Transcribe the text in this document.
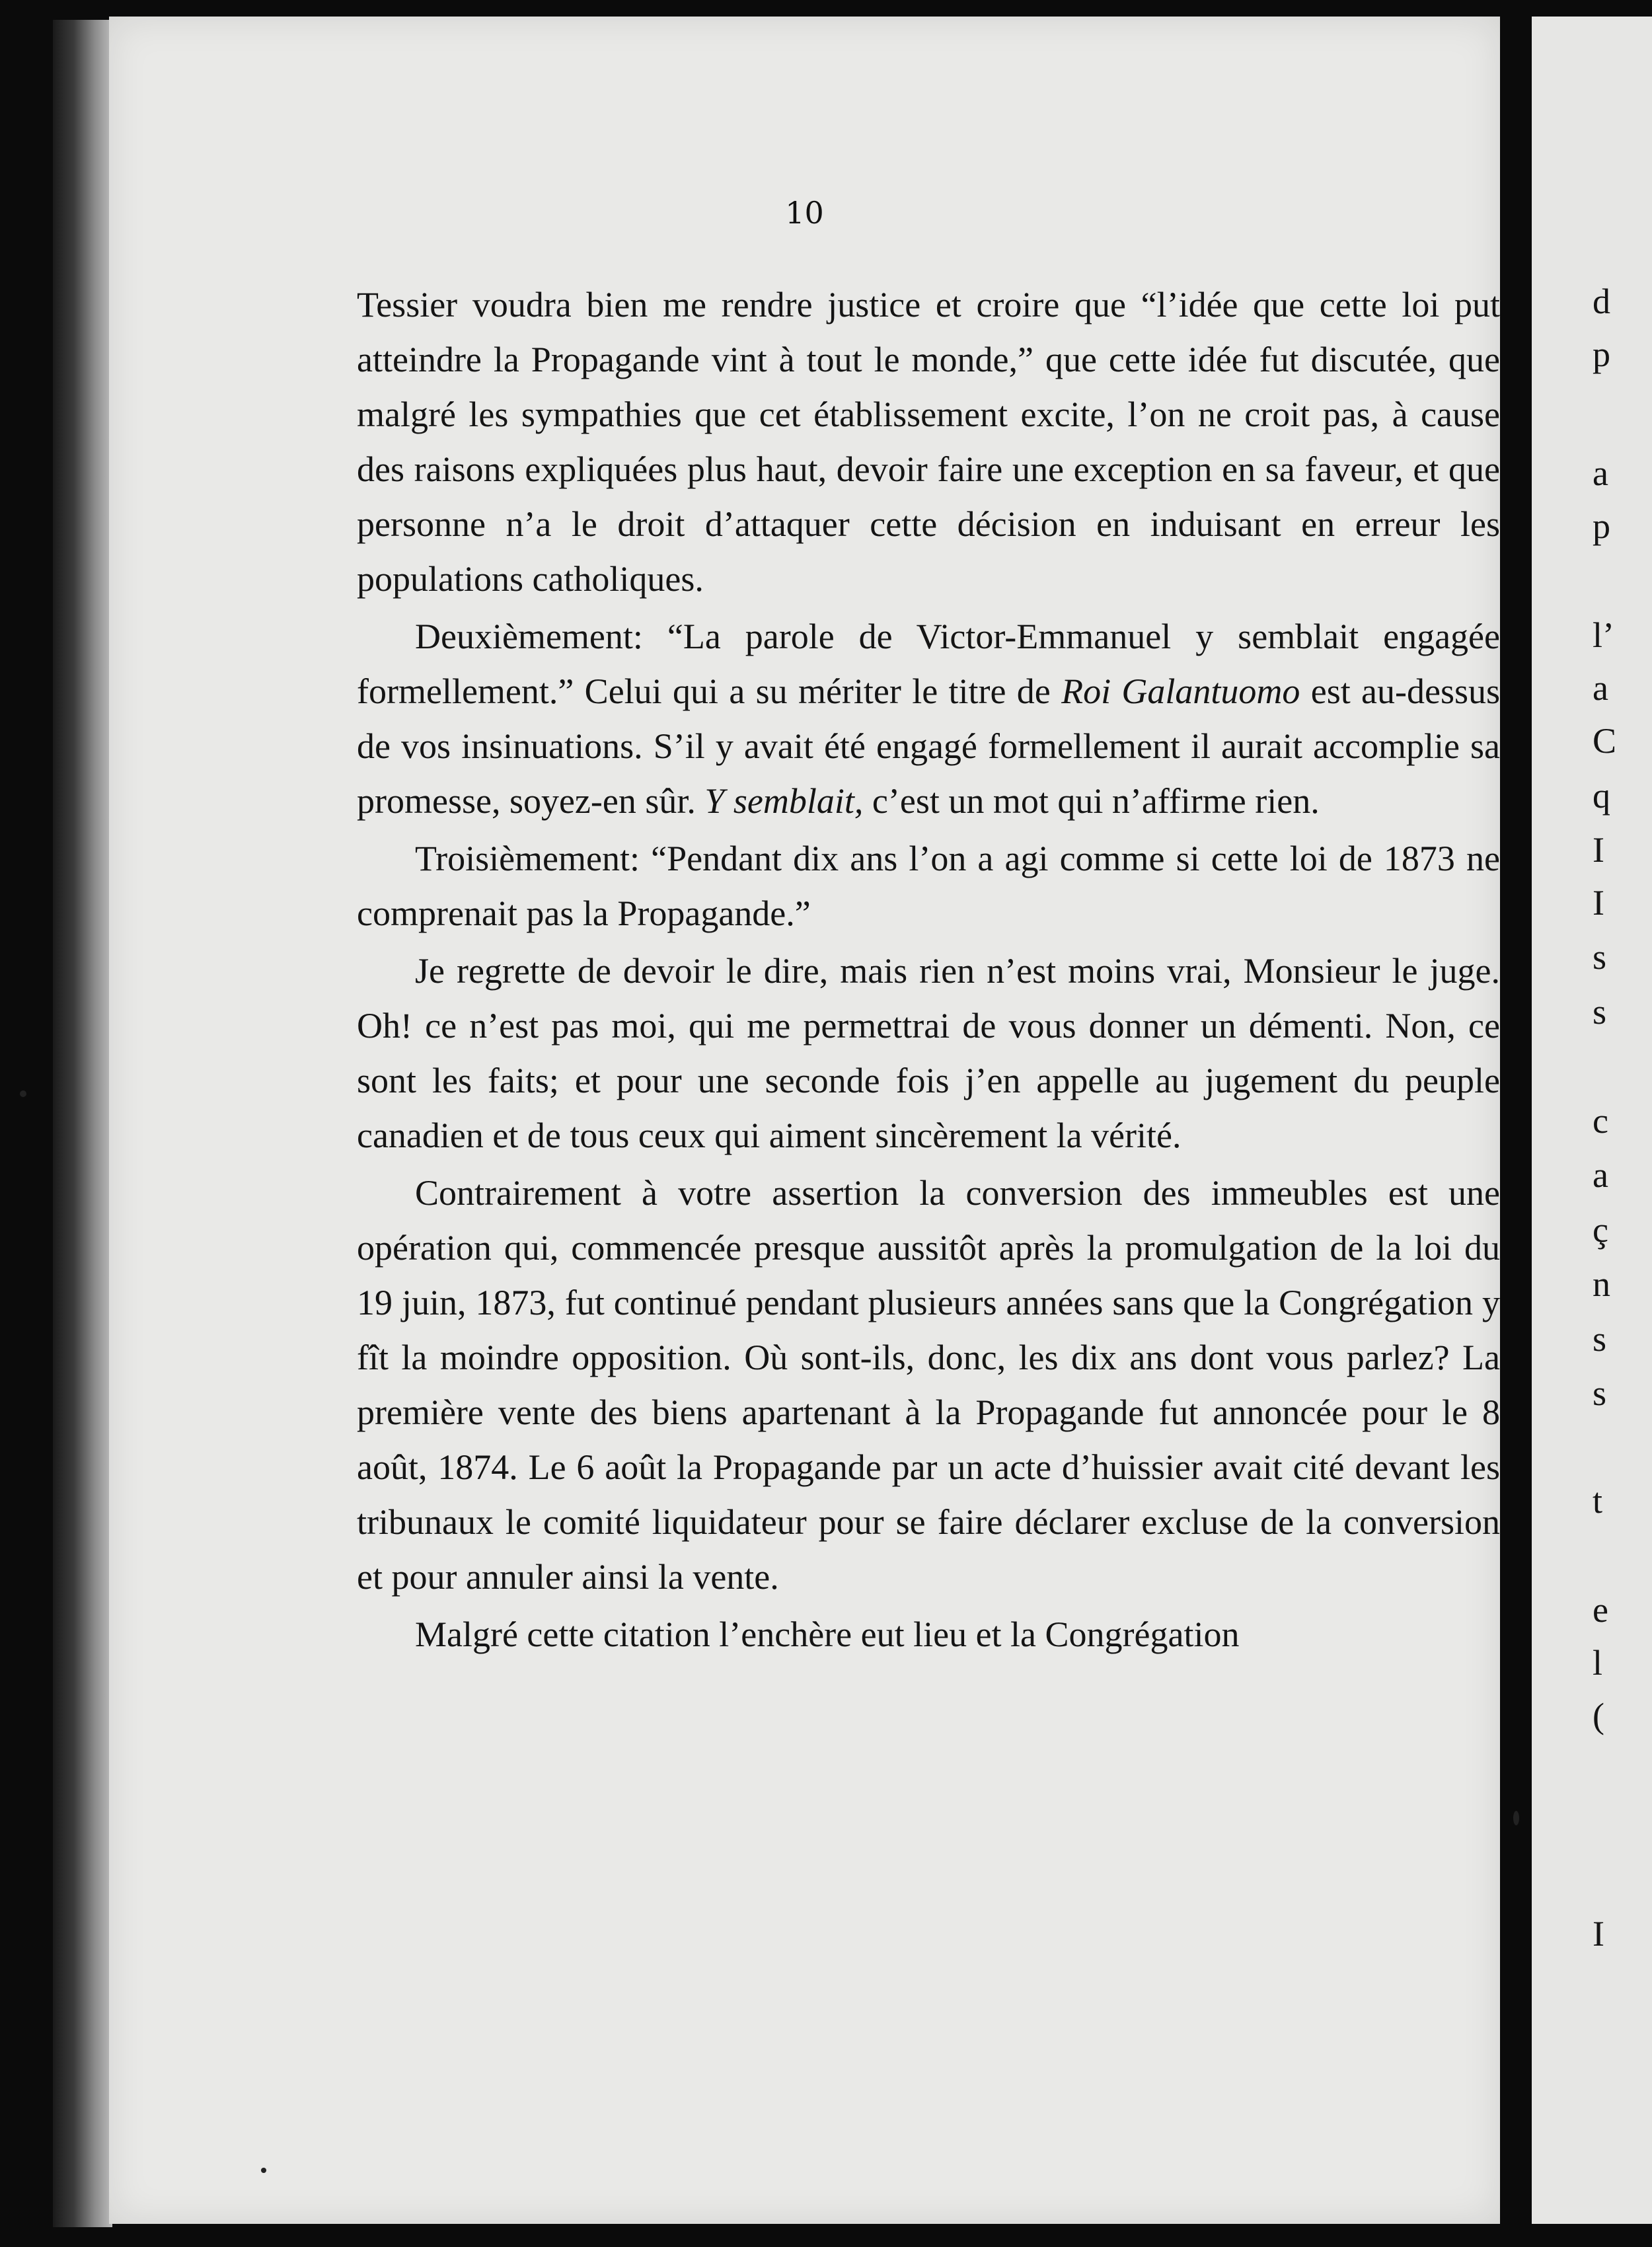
10

Tessier voudra bien me rendre justice et croire que “l’idée que cette loi put atteindre la Propagande vint à tout le monde,” que cette idée fut discutée, que malgré les sympathies que cet établissement excite, l’on ne croit pas, à cause des raisons expliquées plus haut, devoir faire une exception en sa faveur, et que personne n’a le droit d’attaquer cette décision en induisant en erreur les populations catholiques.

Deuxièmement: “La parole de Victor-Emmanuel y semblait engagée formellement.” Celui qui a su mériter le titre de Roi Galantuomo est au-dessus de vos insinuations. S’il y avait été engagé formellement il aurait accomplie sa promesse, soyez-en sûr. Y semblait, c’est un mot qui n’affirme rien.

Troisièmement: “Pendant dix ans l’on a agi comme si cette loi de 1873 ne comprenait pas la Propagande.”

Je regrette de devoir le dire, mais rien n’est moins vrai, Monsieur le juge. Oh! ce n’est pas moi, qui me permettrai de vous donner un démenti. Non, ce sont les faits; et pour une seconde fois j’en appelle au jugement du peuple canadien et de tous ceux qui aiment sincèrement la vérité.

Contrairement à votre assertion la conversion des immeubles est une opération qui, commencée presque aussitôt après la promulgation de la loi du 19 juin, 1873, fut continué pendant plusieurs années sans que la Congrégation y fît la moindre opposition. Où sont-ils, donc, les dix ans dont vous parlez? La première vente des biens apartenant à la Propagande fut annoncée pour le 8 août, 1874. Le 6 août la Propagande par un acte d’huissier avait cité devant les tribunaux le comité liquidateur pour se faire déclarer excluse de la conversion et pour annuler ainsi la vente.

Malgré cette citation l’enchère eut lieu et la Congrégation

d
p
a
p
l’
a
C
q
I
I
s
s
c
a
ç
n
s
s
t
e
l
(
I
